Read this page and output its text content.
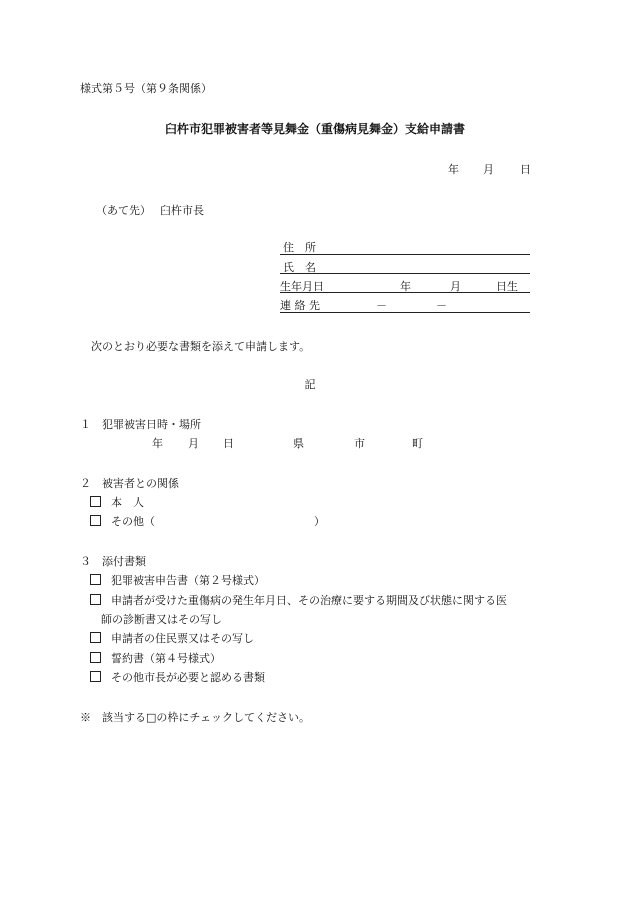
様式第５号（第９条関係）
臼杵市犯罪被害者等見舞金（重傷病見舞金）支給申請書
年 月 日
（あて先） 臼杵市長
住　所
氏　名
生年月日	年	月	日生
連 絡 先	－	－
次のとおり必要な書類を添えて申請します。
記
１　犯罪被害日時・場所
年 月 日	県	市	町
２　被害者との関係
本　人
その他（	）
３　添付書類
犯罪被害申告書（第２号様式）
申請者が受けた重傷病の発生年月日、その治療に要する期間及び状態に関する医
師の診断書又はその写し
申請者の住民票又はその写し
誓約書（第４号様式）
その他市長が必要と認める書類
※　該当する□の枠にチェックしてください。
